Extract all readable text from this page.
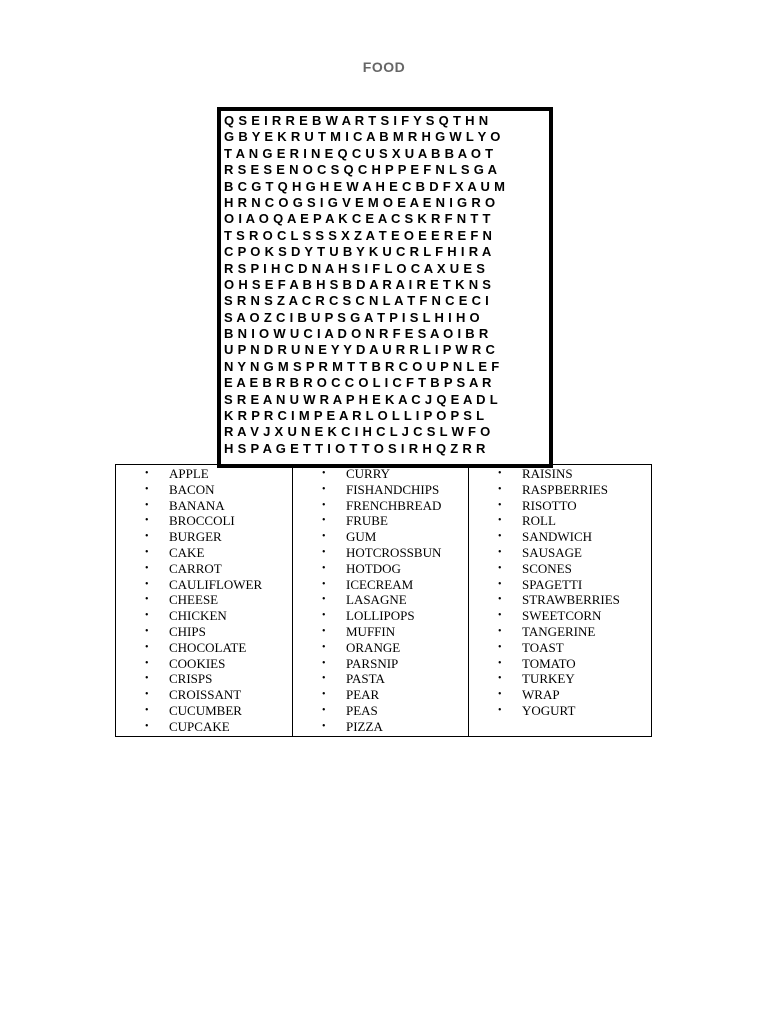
FOOD
Q S E I R R E B W A R T S I F Y S Q T H N
G B Y E K R U T M I C A B M R H G W L Y O
T A N G E R I N E Q C U S X U A B B A O T
R S E S E N O C S Q C H P P E F N L S G A
B C G T Q H G H E W A H E C B D F X A U M
H R N C O G S I G V E M O E A E N I G R O
O I A O Q A E P A K C E A C S K R F N T T
T S R O C L S S S X Z A T E O E E R E F N
C P O K S D Y T U B Y K U C R L F H I R A
R S P I H C D N A H S I F L O C A X U E S
O H S E F A B H S B D A R A I R E T K N S
S R N S Z A C R C S C N L A T F N C E C I
S A O Z C I B U P S G A T P I S L H I H O
B N I O W U C I A D O N R F E S A O I B R
U P N D R U N E Y Y D A U R R L I P W R C
N Y N G M S P R M T T B R C O U P N L E F
E A E B R B R O C C O L I C F T B P S A R
S R E A N U W R A P H E K A C J Q E A D L
K R P R C I M P E A R L O L L I P O P S L
R A V J X U N E K C I H C L J C S L W F O
H S P A G E T T I O T T O S I R H Q Z R R
• APPLE
• BACON
• BANANA
• BROCCOLI
• BURGER
• CAKE
• CARROT
• CAULIFLOWER
• CHEESE
• CHICKEN
• CHIPS
• CHOCOLATE
• COOKIES
• CRISPS
• CROISSANT
• CUCUMBER
• CUPCAKE
• CURRY
• FISHANDCHIPS
• FRENCHBREAD
• FRUBE
• GUM
• HOTCROSSBUN
• HOTDOG
• ICECREAM
• LASAGNE
• LOLLIPOPS
• MUFFIN
• ORANGE
• PARSNIP
• PASTA
• PEAR
• PEAS
• PIZZA
• RAISINS
• RASPBERRIES
• RISOTTO
• ROLL
• SANDWICH
• SAUSAGE
• SCONES
• SPAGETTI
• STRAWBERRIES
• SWEETCORN
• TANGERINE
• TOAST
• TOMATO
• TURKEY
• WRAP
• YOGURT
